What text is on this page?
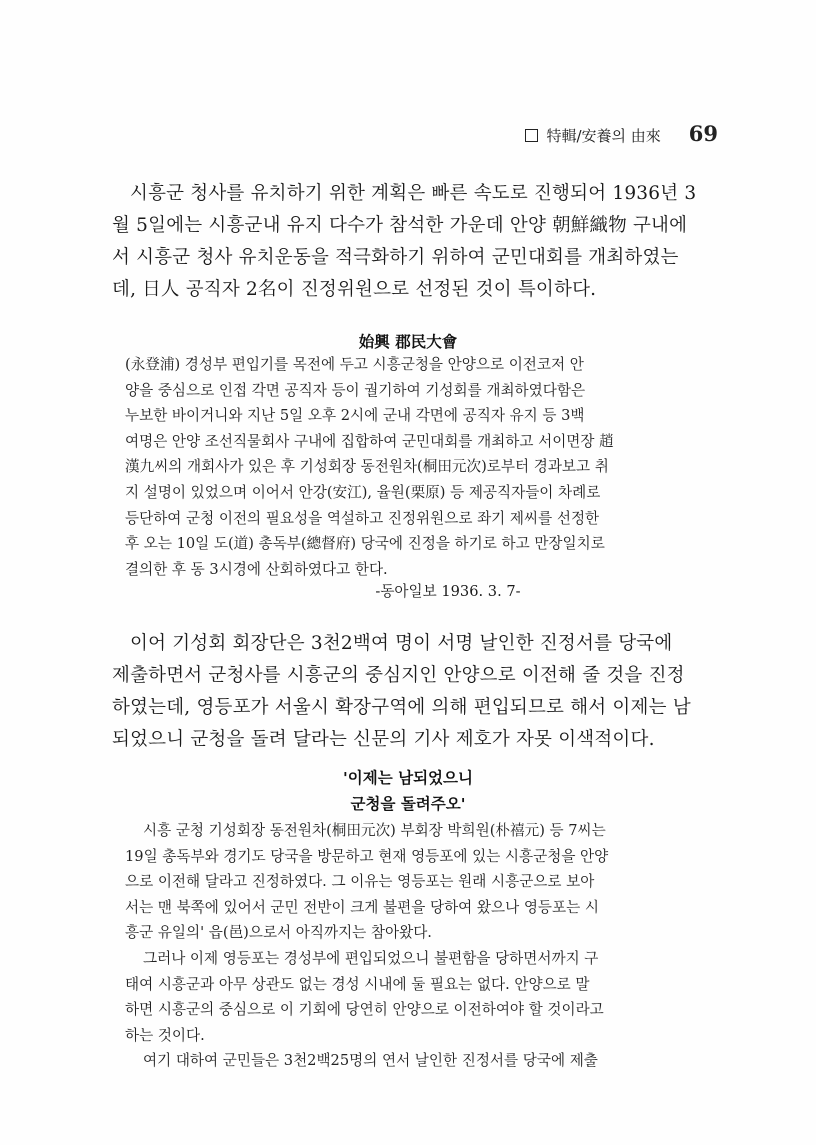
特輯/安養의 由來 69
시흥군 청사를 유치하기 위한 계획은 빠른 속도로 진행되어 1936년 3
월 5일에는 시흥군내 유지 다수가 참석한 가운데 안양 朝鮮織物 구내에
서 시흥군 청사 유치운동을 적극화하기 위하여 군민대회를 개최하였는
데, 日人 공직자 2名이 진정위원으로 선정된 것이 특이하다.
始興 郡民大會
(永登浦) 경성부 편입기를 목전에 두고 시흥군청을 안양으로 이전코저 안
양을 중심으로 인접 각면 공직자 등이 궐기하여 기성회를 개최하였다함은
누보한 바이거니와 지난 5일 오후 2시에 군내 각면에 공직자 유지 등 3백
여명은 안양 조선직물회사 구내에 집합하여 군민대회를 개최하고 서이면장 趙
漢九씨의 개회사가 있은 후 기성회장 동전원차(桐田元次)로부터 경과보고 취
지 설명이 있었으며 이어서 안강(安江), 율원(栗原) 등 제공직자들이 차례로
등단하여 군청 이전의 필요성을 역설하고 진정위원으로 좌기 제씨를 선정한
후 오는 10일 도(道) 총독부(總督府) 당국에 진정을 하기로 하고 만장일치로
결의한 후 동 3시경에 산회하였다고 한다.
-동아일보 1936. 3. 7-
이어 기성회 회장단은 3천2백여 명이 서명 날인한 진정서를 당국에
제출하면서 군청사를 시흥군의 중심지인 안양으로 이전해 줄 것을 진정
하였는데, 영등포가 서울시 확장구역에 의해 편입되므로 해서 이제는 남
되었으니 군청을 돌려 달라는 신문의 기사 제호가 자못 이색적이다.
'이제는 남되었으니
군청을 돌려주오'
시흥 군청 기성회장 동전원차(桐田元次) 부회장 박희원(朴禧元) 등 7씨는
19일 총독부와 경기도 당국을 방문하고 현재 영등포에 있는 시흥군청을 안양
으로 이전해 달라고 진정하였다. 그 이유는 영등포는 원래 시흥군으로 보아
서는 맨 북쪽에 있어서 군민 전반이 크게 불편을 당하여 왔으나 영등포는 시
흥군 유일의' 읍(邑)으로서 아직까지는 참아왔다.
그러나 이제 영등포는 경성부에 편입되었으니 불편함을 당하면서까지 구
태여 시흥군과 아무 상관도 없는 경성 시내에 둘 필요는 없다. 안양으로 말
하면 시흥군의 중심으로 이 기회에 당연히 안양으로 이전하여야 할 것이라고
하는 것이다.
여기 대하여 군민들은 3천2백25명의 연서 날인한 진정서를 당국에 제출
